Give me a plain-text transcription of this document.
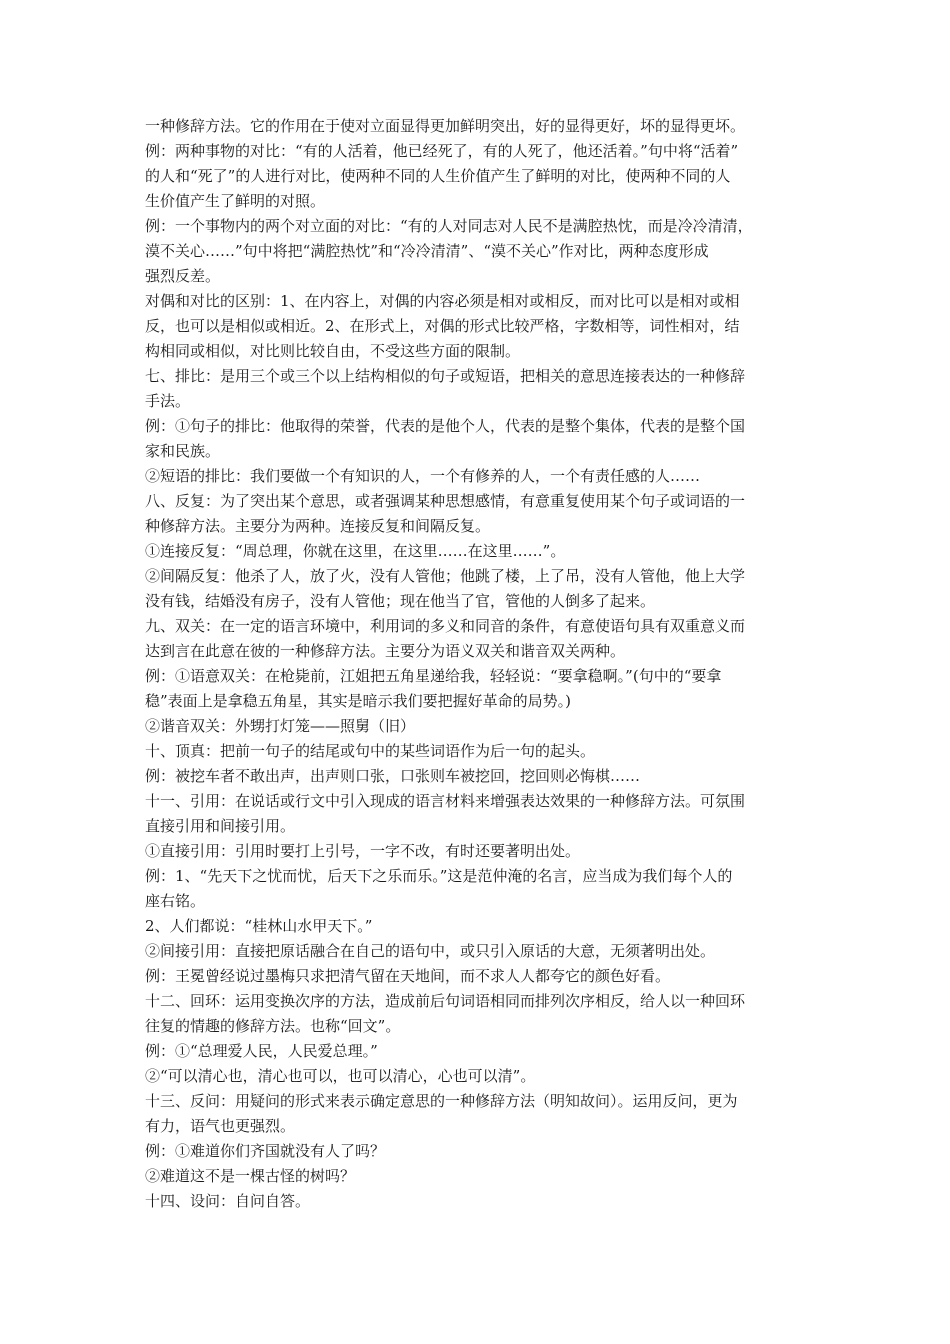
一种修辞方法。它的作用在于使对立面显得更加鲜明突出，好的显得更好，坏的显得更坏。
例：两种事物的对比：“有的人活着，他已经死了，有的人死了，他还活着。”句中将“活着”
的人和“死了”的人进行对比，使两种不同的人生价值产生了鲜明的对比，使两种不同的人
生价值产生了鲜明的对照。
例：一个事物内的两个对立面的对比：“有的人对同志对人民不是满腔热忱，而是冷冷清清，
漠不关心……”句中将把“满腔热忱”和“冷冷清清”、“漠不关心”作对比，两种态度形成
强烈反差。
对偶和对比的区别：1、在内容上，对偶的内容必须是相对或相反，而对比可以是相对或相
反，也可以是相似或相近。2、在形式上，对偶的形式比较严格，字数相等，词性相对，结
构相同或相似，对比则比较自由，不受这些方面的限制。
七、排比：是用三个或三个以上结构相似的句子或短语，把相关的意思连接表达的一种修辞
手法。
例：①句子的排比：他取得的荣誉，代表的是他个人，代表的是整个集体，代表的是整个国
家和民族。
②短语的排比：我们要做一个有知识的人，一个有修养的人，一个有责任感的人……
八、反复：为了突出某个意思，或者强调某种思想感情，有意重复使用某个句子或词语的一
种修辞方法。主要分为两种。连接反复和间隔反复。
①连接反复：“周总理，你就在这里，在这里……在这里……”。
②间隔反复：他杀了人，放了火，没有人管他；他跳了楼，上了吊，没有人管他，他上大学
没有钱，结婚没有房子，没有人管他；现在他当了官，管他的人倒多了起来。
九、双关：在一定的语言环境中，利用词的多义和同音的条件，有意使语句具有双重意义而
达到言在此意在彼的一种修辞方法。主要分为语义双关和谐音双关两种。
例：①语意双关：在枪毙前，江姐把五角星递给我，轻轻说：“要拿稳啊。”(句中的“要拿
稳”表面上是拿稳五角星，其实是暗示我们要把握好革命的局势。)
②谐音双关：外甥打灯笼——照舅（旧）
十、顶真：把前一句子的结尾或句中的某些词语作为后一句的起头。
例：被挖车者不敢出声，出声则口张，口张则车被挖回，挖回则必悔棋……
十一、引用：在说话或行文中引入现成的语言材料来增强表达效果的一种修辞方法。可氛围
直接引用和间接引用。
①直接引用：引用时要打上引号，一字不改，有时还要著明出处。
例：1、“先天下之忧而忧，后天下之乐而乐。”这是范仲淹的名言，应当成为我们每个人的
座右铭。
2、人们都说：“桂林山水甲天下。”
②间接引用：直接把原话融合在自己的语句中，或只引入原话的大意，无须著明出处。
例：王冕曾经说过墨梅只求把清气留在天地间，而不求人人都夸它的颜色好看。
十二、回环：运用变换次序的方法，造成前后句词语相同而排列次序相反，给人以一种回环
往复的情趣的修辞方法。也称“回文”。
例：①“总理爱人民，人民爱总理。”
②“可以清心也，清心也可以，也可以清心，心也可以清”。
十三、反问：用疑问的形式来表示确定意思的一种修辞方法（明知故问）。运用反问，更为
有力，语气也更强烈。
例：①难道你们齐国就没有人了吗？
②难道这不是一棵古怪的树吗？
十四、设问：自问自答。
